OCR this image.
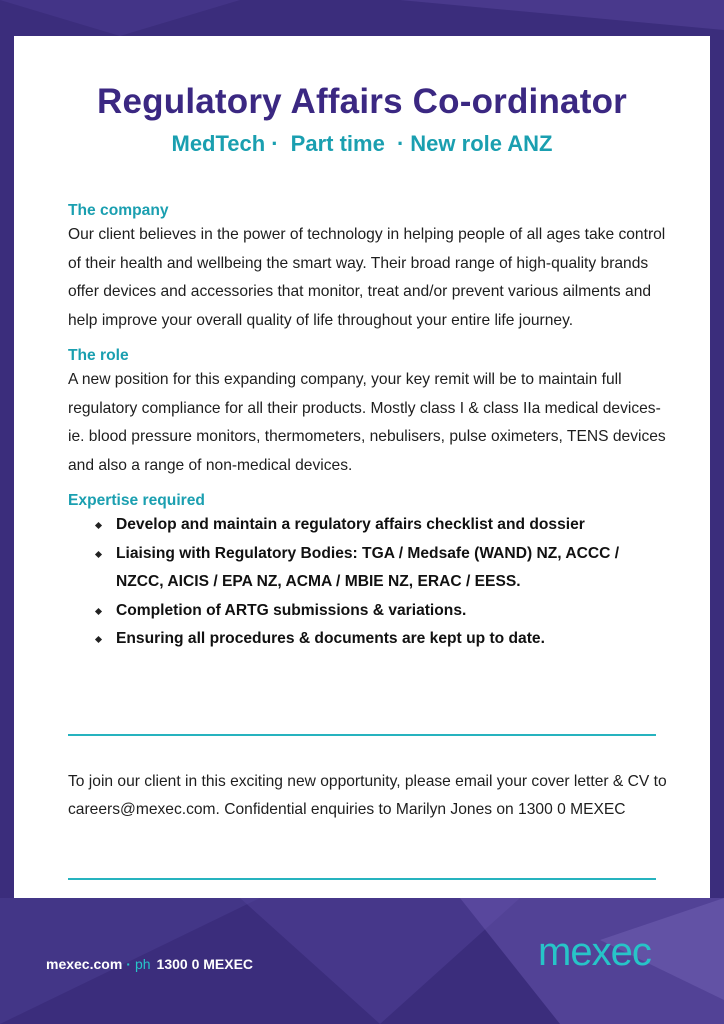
Regulatory Affairs Co-ordinator
MedTech · Part time · New role ANZ
The company

Our client believes in the power of technology in helping people of all ages take control of their health and wellbeing the smart way. Their broad range of high-quality brands offer devices and accessories that monitor, treat and/or prevent various ailments and help improve your overall quality of life throughout your entire life journey.

The role

A new position for this expanding company, your key remit will be to maintain full regulatory compliance for all their products. Mostly class I & class IIa medical devices- ie. blood pressure monitors, thermometers, nebulisers, pulse oximeters, TENS devices and also a range of non-medical devices.

Expertise required
Develop and maintain a regulatory affairs checklist and dossier
Liaising with Regulatory Bodies: TGA / Medsafe (WAND) NZ, ACCC / NZCC, AICIS / EPA NZ, ACMA / MBIE NZ, ERAC / EESS.
Completion of ARTG submissions & variations.
Ensuring all procedures & documents are kept up to date.

To join our client in this exciting new opportunity, please email your cover letter & CV to careers@mexec.com. Confidential enquiries to Marilyn Jones on 1300 0 MEXEC

mexec.com · ph 1300 0 MEXEC	mexec
